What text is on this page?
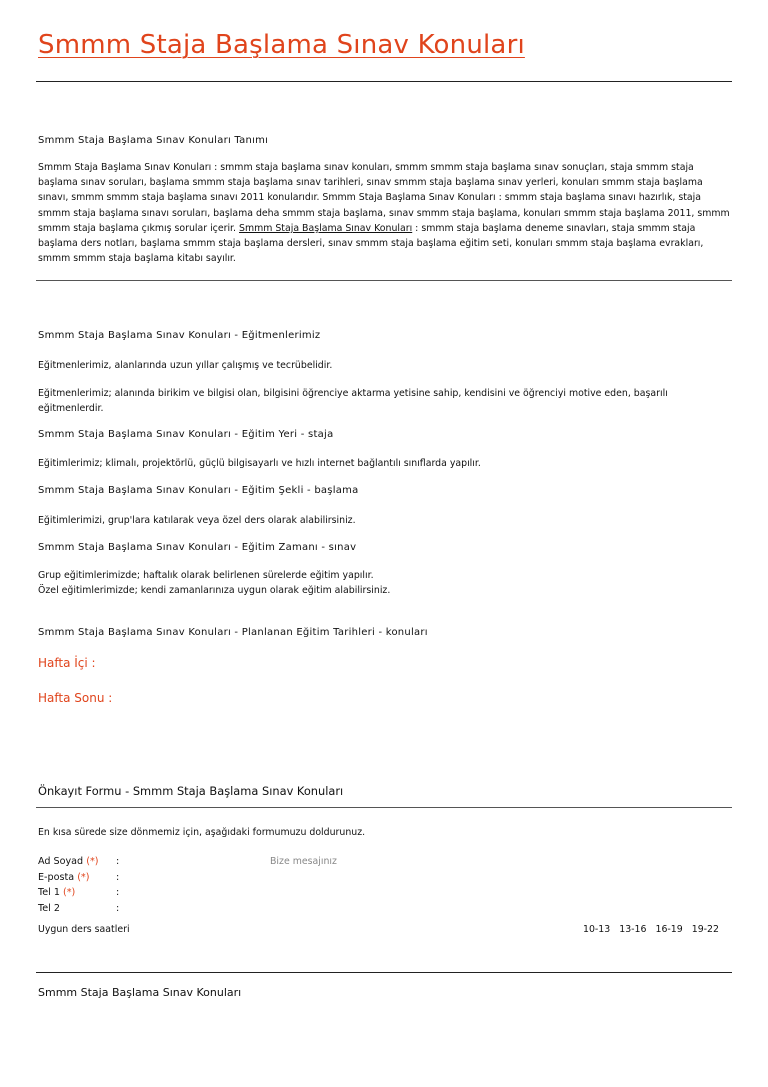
Smmm Staja Başlama Sınav Konuları
Smmm Staja Başlama Sınav Konuları Tanımı
Smmm Staja Başlama Sınav Konuları : smmm staja başlama sınav konuları, smmm smmm staja başlama sınav sonuçları, staja smmm staja başlama sınav soruları, başlama smmm staja başlama sınav tarihleri, sınav smmm staja başlama sınav yerleri, konuları smmm staja başlama sınavı, smmm smmm staja başlama sınavı 2011 konularıdır. Smmm Staja Başlama Sınav Konuları : smmm staja başlama sınavı hazırlık, staja smmm staja başlama sınavı soruları, başlama deha smmm staja başlama, sınav smmm staja başlama, konuları smmm staja başlama 2011, smmm smmm staja başlama çıkmış sorular içerir. Smmm Staja Başlama Sınav Konuları : smmm staja başlama deneme sınavları, staja smmm staja başlama ders notları, başlama smmm staja başlama dersleri, sınav smmm staja başlama eğitim seti, konuları smmm staja başlama evrakları, smmm smmm staja başlama kitabı sayılır.
Smmm Staja Başlama Sınav Konuları - Eğitmenlerimiz
Eğitmenlerimiz, alanlarında uzun yıllar çalışmış ve tecrübelidir.
Eğitmenlerimiz; alanında birikim ve bilgisi olan, bilgisini öğrenciye aktarma yetisine sahip, kendisini ve öğrenciyi motive eden, başarılı eğitmenlerdir.
Smmm Staja Başlama Sınav Konuları - Eğitim Yeri - staja
Eğitimlerimiz; klimalı, projektörlü, güçlü bilgisayarlı ve hızlı internet bağlantılı sınıflarda yapılır.
Smmm Staja Başlama Sınav Konuları - Eğitim Şekli - başlama
Eğitimlerimizi, grup'lara katılarak veya özel ders olarak alabilirsiniz.
Smmm Staja Başlama Sınav Konuları - Eğitim Zamanı - sınav
Grup eğitimlerimizde; haftalık olarak belirlenen sürelerde eğitim yapılır.
Özel eğitimlerimizde; kendi zamanlarınıza uygun olarak eğitim alabilirsiniz.
Smmm Staja Başlama Sınav Konuları - Planlanan Eğitim Tarihleri - konuları
Hafta İçi :
Hafta Sonu :
Önkayıt Formu - Smmm Staja Başlama Sınav Konuları
En kısa sürede size dönmemiz için, aşağıdaki formumuzu doldurunuz.
Ad Soyad (*) :
E-posta (*)	:
Tel 1 (*)	:
Tel 2	:
Bize mesajınız
Uygun ders saatleri	10-13 13-16 16-19 19-22
Smmm Staja Başlama Sınav Konuları
